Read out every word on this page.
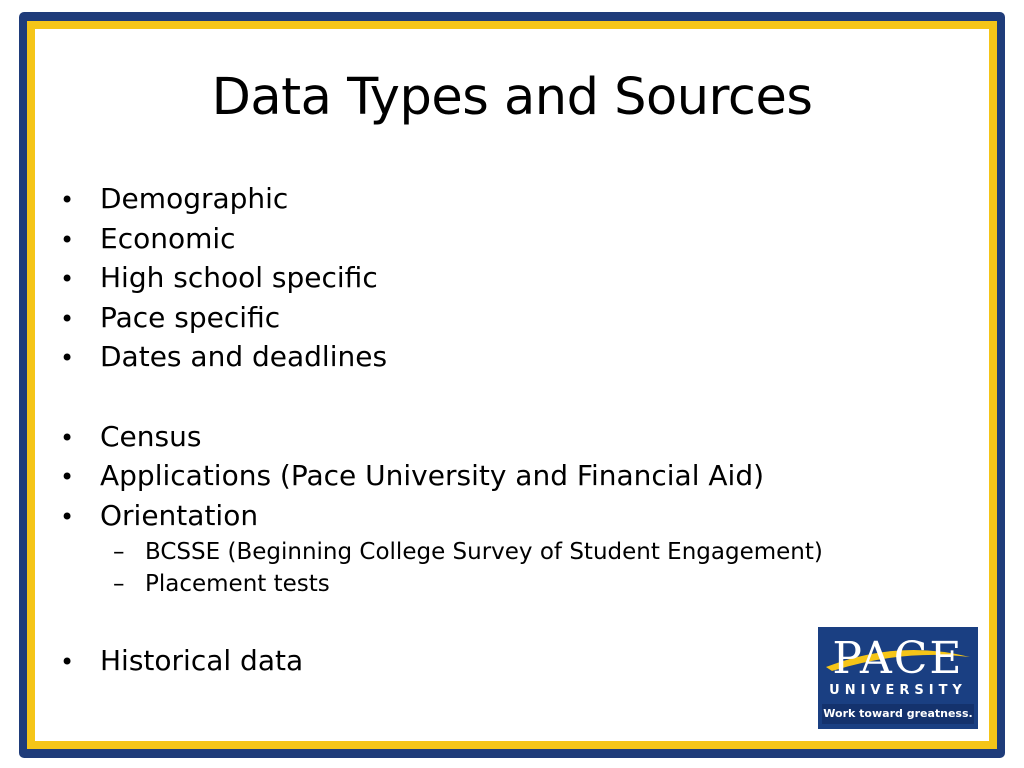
Data Types and Sources
• Demographic
• Economic
• High school specific
• Pace specific
• Dates and deadlines
• Census
• Applications (Pace University and Financial Aid)
• Orientation
– BCSSE (Beginning College Survey of Student Engagement)
– Placement tests
• Historical data	PACE
UNIVERSITY
Work toward greatness.
